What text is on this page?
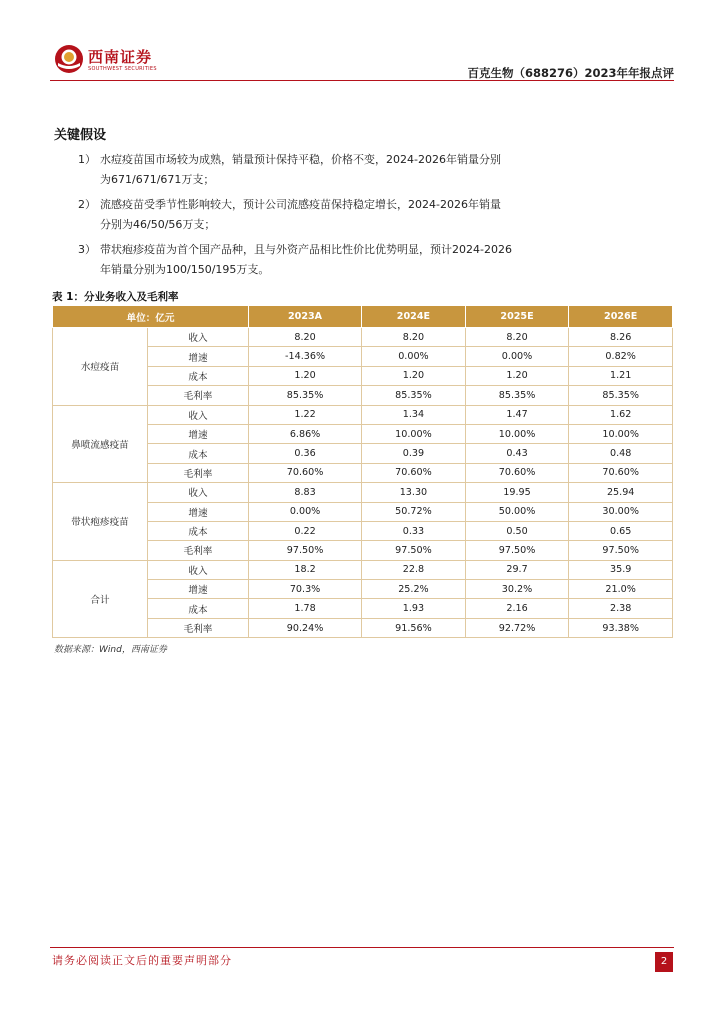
西南证券
SOUTHWEST SECURITIES	百克生物（688276）2023年年报点评
关键假设
1） 水痘疫苗国市场较为成熟，销量预计保持平稳，价格不变，2024-2026年销量分别
为671/671/671万支；
2） 流感疫苗受季节性影响较大，预计公司流感疫苗保持稳定增长，2024-2026年销量
分别为46/50/56万支；
3） 带状疱疹疫苗为首个国产品种，且与外资产品相比性价比优势明显，预计2024-2026
年销量分别为100/150/195万支。
表 1：分业务收入及毛利率
单位：亿元		2023A	2024E	2025E	2026E
水痘疫苗	收入	8.20	8.20	8.20	8.26
	增速	-14.36%	0.00%	0.00%	0.82%
	成本	1.20	1.20	1.20	1.21
	毛利率	85.35%	85.35%	85.35%	85.35%
鼻喷流感疫苗	收入	1.22	1.34	1.47	1.62
	增速	6.86%	10.00%	10.00%	10.00%
	成本	0.36	0.39	0.43	0.48
	毛利率	70.60%	70.60%	70.60%	70.60%
带状疱疹疫苗	收入	8.83	13.30	19.95	25.94
	增速	0.00%	50.72%	50.00%	30.00%
	成本	0.22	0.33	0.50	0.65
	毛利率	97.50%	97.50%	97.50%	97.50%
合计	收入	18.2	22.8	29.7	35.9
	增速	70.3%	25.2%	30.2%	21.0%
	成本	1.78	1.93	2.16	2.38
	毛利率	90.24%	91.56%	92.72%	93.38%
数据来源：Wind，西南证券
请务必阅读正文后的重要声明部分	2
